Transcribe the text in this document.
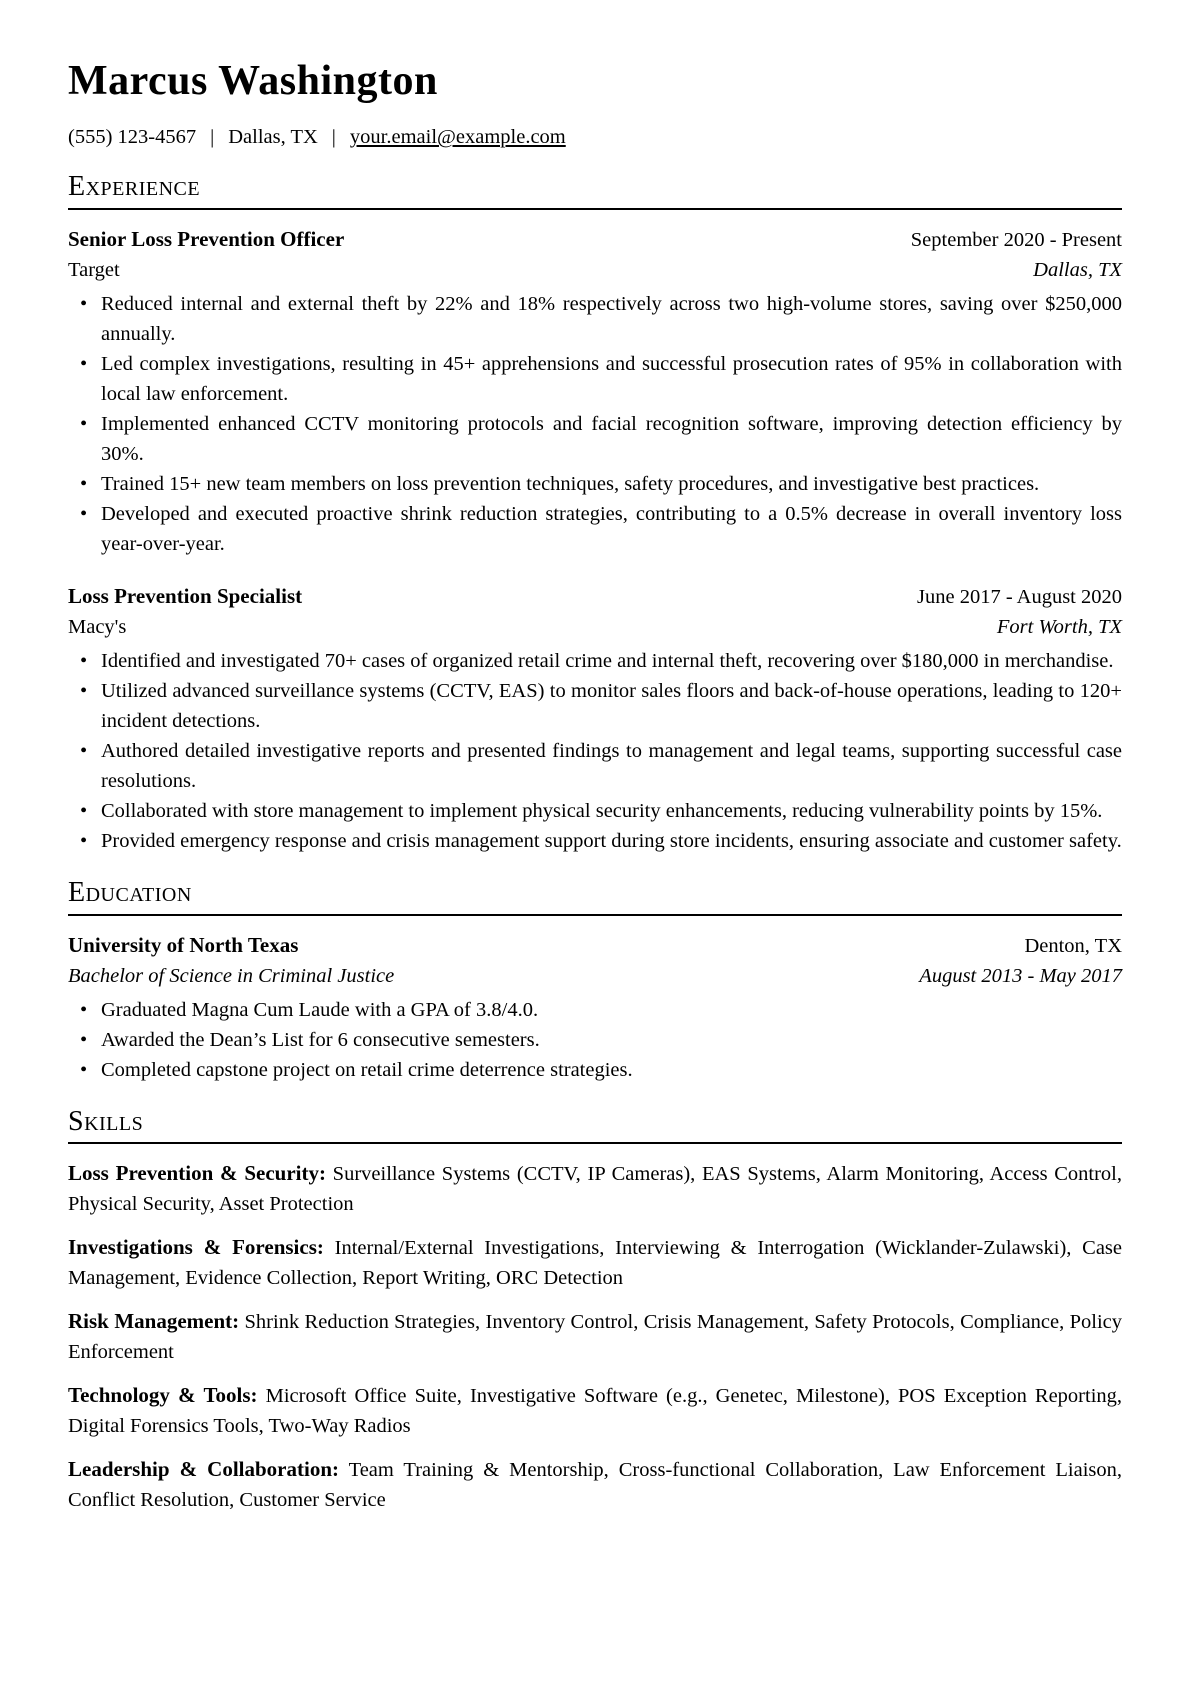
Marcus Washington
(555) 123-4567 | Dallas, TX | your.email@example.com
Experience
Senior Loss Prevention Officer	September 2020 - Present
Target	Dallas, TX
• Reduced internal and external theft by 22% and 18% respectively across two high-volume stores, saving over $250,000 annually.
• Led complex investigations, resulting in 45+ apprehensions and successful prosecution rates of 95% in collaboration with local law enforcement.
• Implemented enhanced CCTV monitoring protocols and facial recognition software, improving detection efficiency by 30%.
• Trained 15+ new team members on loss prevention techniques, safety procedures, and investigative best practices.
• Developed and executed proactive shrink reduction strategies, contributing to a 0.5% decrease in overall inventory loss year-over-year.
Loss Prevention Specialist	June 2017 - August 2020
Macy's	Fort Worth, TX
• Identified and investigated 70+ cases of organized retail crime and internal theft, recovering over $180,000 in merchandise.
• Utilized advanced surveillance systems (CCTV, EAS) to monitor sales floors and back-of-house operations, leading to 120+ incident detections.
• Authored detailed investigative reports and presented findings to management and legal teams, supporting successful case resolutions.
• Collaborated with store management to implement physical security enhancements, reducing vulnerability points by 15%.
• Provided emergency response and crisis management support during store incidents, ensuring associate and customer safety.
Education
University of North Texas	Denton, TX
Bachelor of Science in Criminal Justice	August 2013 - May 2017
• Graduated Magna Cum Laude with a GPA of 3.8/4.0.
• Awarded the Dean’s List for 6 consecutive semesters.
• Completed capstone project on retail crime deterrence strategies.
Skills

Loss Prevention & Security: Surveillance Systems (CCTV, IP Cameras), EAS Systems, Alarm Monitoring, Access Control, Physical Security, Asset Protection

Investigations & Forensics: Internal/External Investigations, Interviewing & Interrogation (Wicklander-Zulawski), Case Management, Evidence Collection, Report Writing, ORC Detection

Risk Management: Shrink Reduction Strategies, Inventory Control, Crisis Management, Safety Protocols, Compliance, Policy Enforcement

Technology & Tools: Microsoft Office Suite, Investigative Software (e.g., Genetec, Milestone), POS Exception Reporting, Digital Forensics Tools, Two-Way Radios

Leadership & Collaboration: Team Training & Mentorship, Cross-functional Collaboration, Law Enforcement Liaison, Conflict Resolution, Customer Service
